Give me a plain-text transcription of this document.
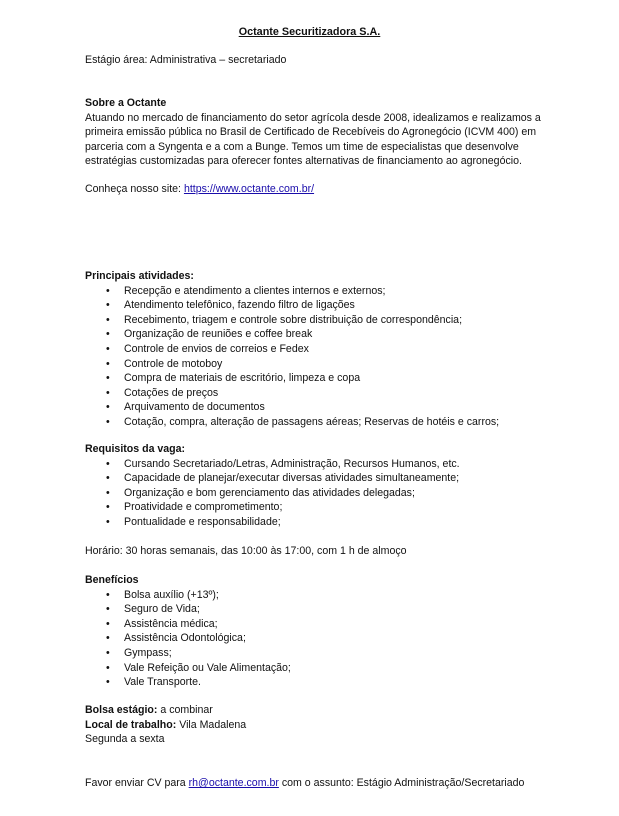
Octante Securitizadora S.A.
Estágio área: Administrativa – secretariado
Sobre a Octante

Atuando no mercado de financiamento do setor agrícola desde 2008, idealizamos e realizamos a primeira emissão pública no Brasil de Certificado de Recebíveis do Agronegócio (ICVM 400) em parceria com a Syngenta e a com a Bunge. Temos um time de especialistas que desenvolve estratégias customizadas para oferecer fontes alternativas de financiamento ao agronegócio.

Conheça nosso site: https://www.octante.com.br/
Principais atividades:
• Recepção e atendimento a clientes internos e externos;
• Atendimento telefônico, fazendo filtro de ligações
• Recebimento, triagem e controle sobre distribuição de correspondência;
• Organização de reuniões e coffee break
• Controle de envios de correios e Fedex
• Controle de motoboy
• Compra de materiais de escritório, limpeza e copa
• Cotações de preços
• Arquivamento de documentos
• Cotação, compra, alteração de passagens aéreas; Reservas de hotéis e carros;
Requisitos da vaga:
• Cursando Secretariado/Letras, Administração, Recursos Humanos, etc.
• Capacidade de planejar/executar diversas atividades simultaneamente;
• Organização e bom gerenciamento das atividades delegadas;
• Proatividade e comprometimento;
• Pontualidade e responsabilidade;
Horário: 30 horas semanais, das 10:00 às 17:00, com 1 h de almoço
Benefícios
• Bolsa auxílio (+13º);
• Seguro de Vida;
• Assistência médica;
• Assistência Odontológica;
• Gympass;
• Vale Refeição ou Vale Alimentação;
• Vale Transporte.
Bolsa estágio: a combinar
Local de trabalho: Vila Madalena
Segunda a sexta
Favor enviar CV para rh@octante.com.br com o assunto: Estágio Administração/Secretariado
